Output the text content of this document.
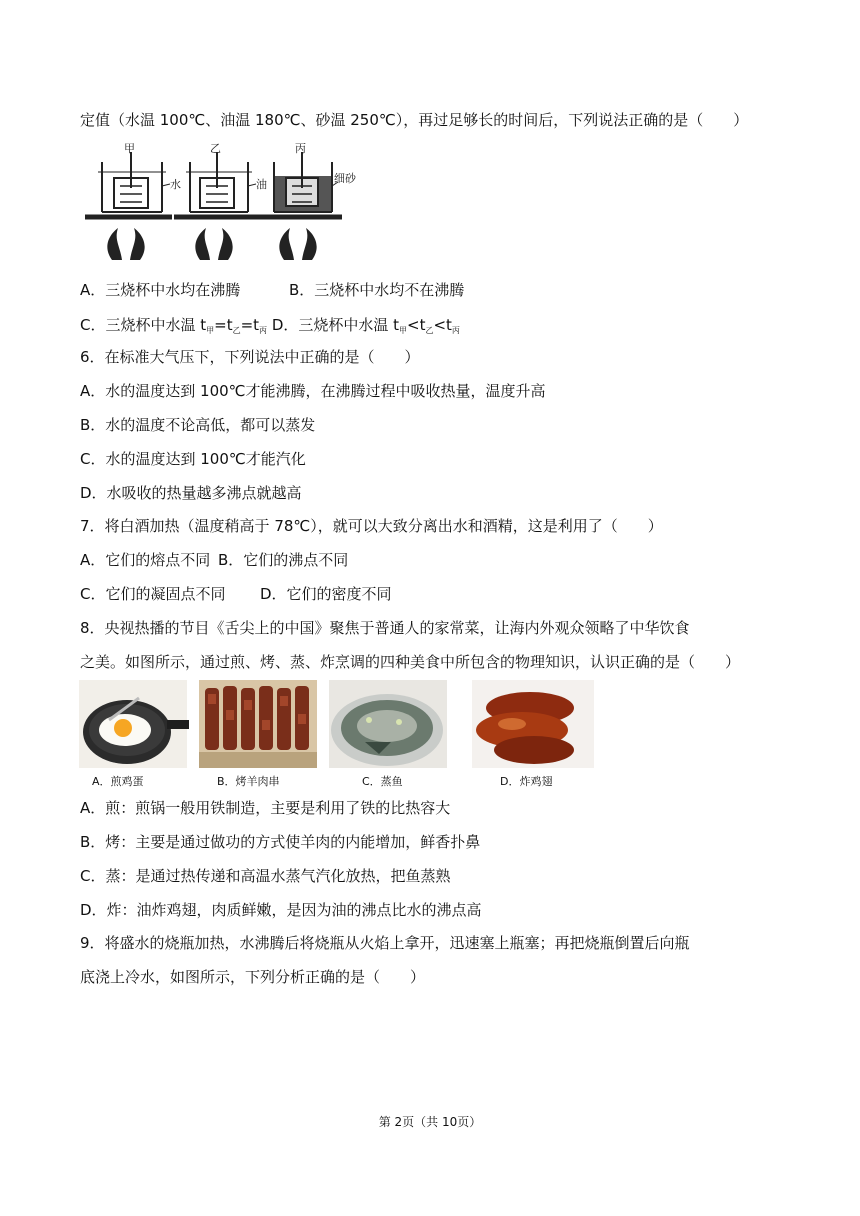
定值（水温 100℃、油温 180℃、砂温 250℃），再过足够长的时间后，下列说法正确的是（　　）
甲	乙	丙
水	油	细砂
A．三烧杯中水均在沸腾	B．三烧杯中水均不在沸腾
C．三烧杯中水温 $t_甲=t_乙=t_丙$ D．三烧杯中水温 $t_甲<t_乙<t_丙$
6．在标准大气压下，下列说法中正确的是（　　）
A．水的温度达到 100℃才能沸腾，在沸腾过程中吸收热量，温度升高
B．水的温度不论高低，都可以蒸发
C．水的温度达到 100℃才能汽化
D．水吸收的热量越多沸点就越高
7．将白酒加热（温度稍高于 78℃），就可以大致分离出水和酒精，这是利用了（　　）
A．它们的熔点不同 B．它们的沸点不同
C．它们的凝固点不同 D．它们的密度不同
8．央视热播的节目《舌尖上的中国》聚焦于普通人的家常菜，让海内外观众领略了中华饮食
之美。如图所示，通过煎、烤、蒸、炸烹调的四种美食中所包含的物理知识，认识正确的是（　　）
A．煎鸡蛋	B．烤羊肉串	C．蒸鱼	D．炸鸡翅
A．煎：煎锅一般用铁制造，主要是利用了铁的比热容大
B．烤：主要是通过做功的方式使羊肉的内能增加，鲜香扑鼻
C．蒸：是通过热传递和高温水蒸气汽化放热，把鱼蒸熟
D．炸：油炸鸡翅，肉质鲜嫩，是因为油的沸点比水的沸点高
9．将盛水的烧瓶加热，水沸腾后将烧瓶从火焰上拿开，迅速塞上瓶塞；再把烧瓶倒置后向瓶
底浇上冷水，如图所示，下列分析正确的是（　　）
第 2页（共 10页）
